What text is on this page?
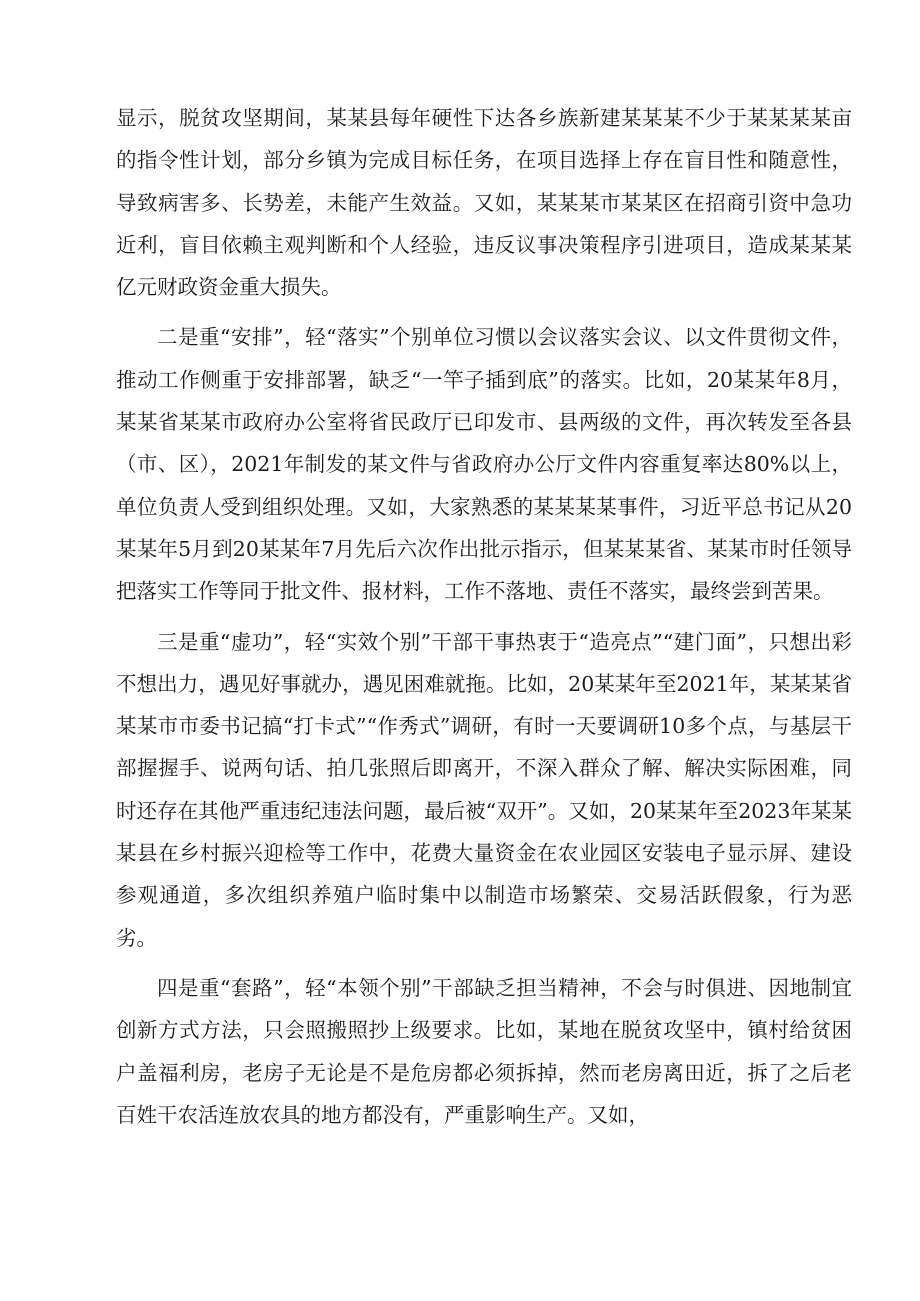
显示，脱贫攻坚期间，某某县每年硬性下达各乡族新建某某某不少于某某某某亩的指令性计划，部分乡镇为完成目标任务，在项目选择上存在盲目性和随意性，导致病害多、长势差，未能产生效益。又如，某某某市某某区在招商引资中急功近利，盲目依赖主观判断和个人经验，违反议事决策程序引进项目，造成某某某亿元财政资金重大损失。

二是重“安排”，轻“落实”个别单位习惯以会议落实会议、以文件贯彻文件，推动工作侧重于安排部署，缺乏“一竿子插到底”的落实。比如，20某某年8月，某某省某某市政府办公室将省民政厅已印发市、县两级的文件，再次转发至各县（市、区），2021年制发的某文件与省政府办公厅文件内容重复率达80%以上，单位负责人受到组织处理。又如，大家熟悉的某某某某事件，习近平总书记从20某某年5月到20某某年7月先后六次作出批示指示，但某某某省、某某市时任领导把落实工作等同于批文件、报材料，工作不落地、责任不落实，最终尝到苦果。

三是重“虚功”，轻“实效个别”干部干事热衷于“造亮点”“建门面”，只想出彩不想出力，遇见好事就办，遇见困难就拖。比如，20某某年至2021年，某某某省某某市市委书记搞“打卡式”“作秀式”调研，有时一天要调研10多个点，与基层干部握握手、说两句话、拍几张照后即离开，不深入群众了解、解决实际困难，同时还存在其他严重违纪违法问题，最后被“双开”。又如，20某某年至2023年某某某县在乡村振兴迎检等工作中，花费大量资金在农业园区安装电子显示屏、建设参观通道，多次组织养殖户临时集中以制造市场繁荣、交易活跃假象，行为恶劣。

四是重“套路”，轻“本领个别”干部缺乏担当精神，不会与时俱进、因地制宜创新方式方法，只会照搬照抄上级要求。比如，某地在脱贫攻坚中，镇村给贫困户盖福利房，老房子无论是不是危房都必须拆掉，然而老房离田近，拆了之后老百姓干农活连放农具的地方都没有，严重影响生产。又如，
